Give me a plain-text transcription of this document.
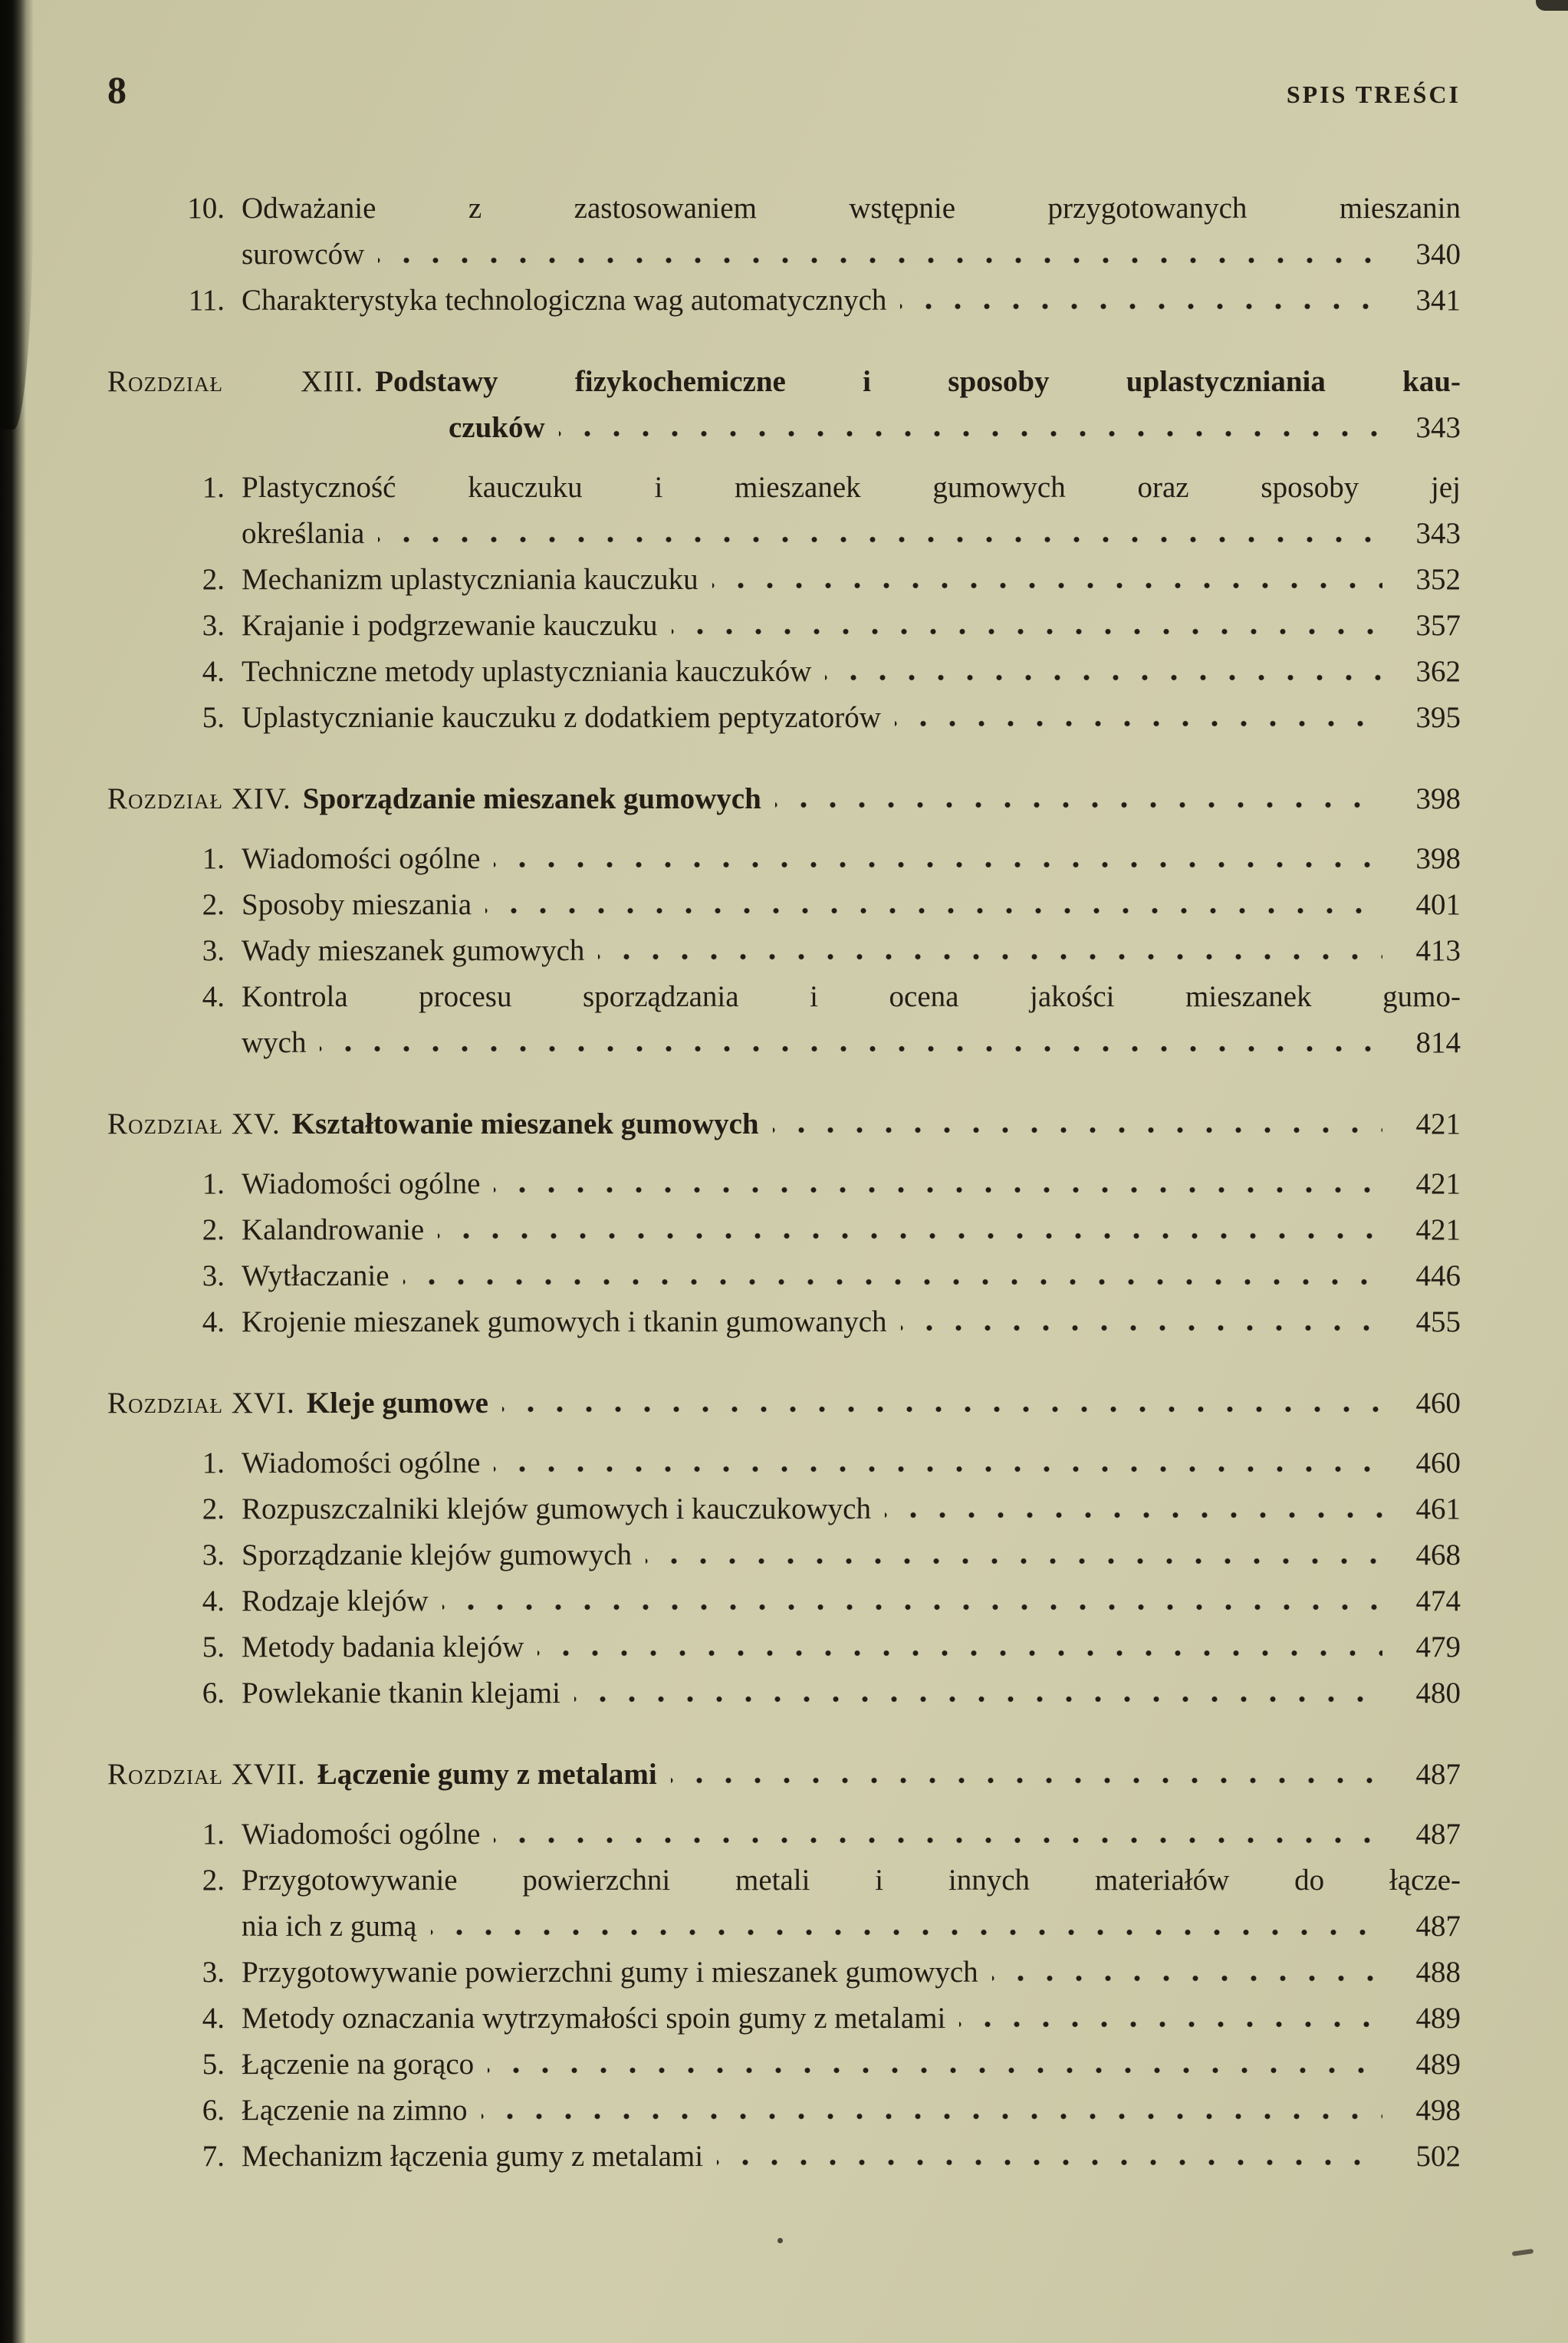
8	SPIS TREŚCI
10. Odważanie z zastosowaniem wstępnie przygotowanych mieszanin
surowców	340
11. Charakterystyka technologiczna wag automatycznych	341
Rozdział XIII. Podstawy fizykochemiczne i sposoby uplastyczniania kau-
czuków	343
1. Plastyczność kauczuku i mieszanek gumowych oraz sposoby jej
określania	343
2. Mechanizm uplastyczniania kauczuku	352
3. Krajanie i podgrzewanie kauczuku	357
4. Techniczne metody uplastyczniania kauczuków	362
5. Uplastycznianie kauczuku z dodatkiem peptyzatorów	395
Rozdział XIV. Sporządzanie mieszanek gumowych	398
1. Wiadomości ogólne	398
2. Sposoby mieszania	401
3. Wady mieszanek gumowych	413
4. Kontrola procesu sporządzania i ocena jakości mieszanek gumo-
wych	814
Rozdział XV. Kształtowanie mieszanek gumowych	421
1. Wiadomości ogólne	421
2. Kalandrowanie	421
3. Wytłaczanie	446
4. Krojenie mieszanek gumowych i tkanin gumowanych	455
Rozdział XVI. Kleje gumowe	460
1. Wiadomości ogólne	460
2. Rozpuszczalniki klejów gumowych i kauczukowych	461
3. Sporządzanie klejów gumowych	468
4. Rodzaje klejów	474
5. Metody badania klejów	479
6. Powlekanie tkanin klejami	480
Rozdział XVII. Łączenie gumy z metalami	487
1. Wiadomości ogólne	487
2. Przygotowywanie powierzchni metali i innych materiałów do łącze-
nia ich z gumą	487
3. Przygotowywanie powierzchni gumy i mieszanek gumowych	488
4. Metody oznaczania wytrzymałości spoin gumy z metalami	489
5. Łączenie na gorąco	489
6. Łączenie na zimno	498
7. Mechanizm łączenia gumy z metalami	502
